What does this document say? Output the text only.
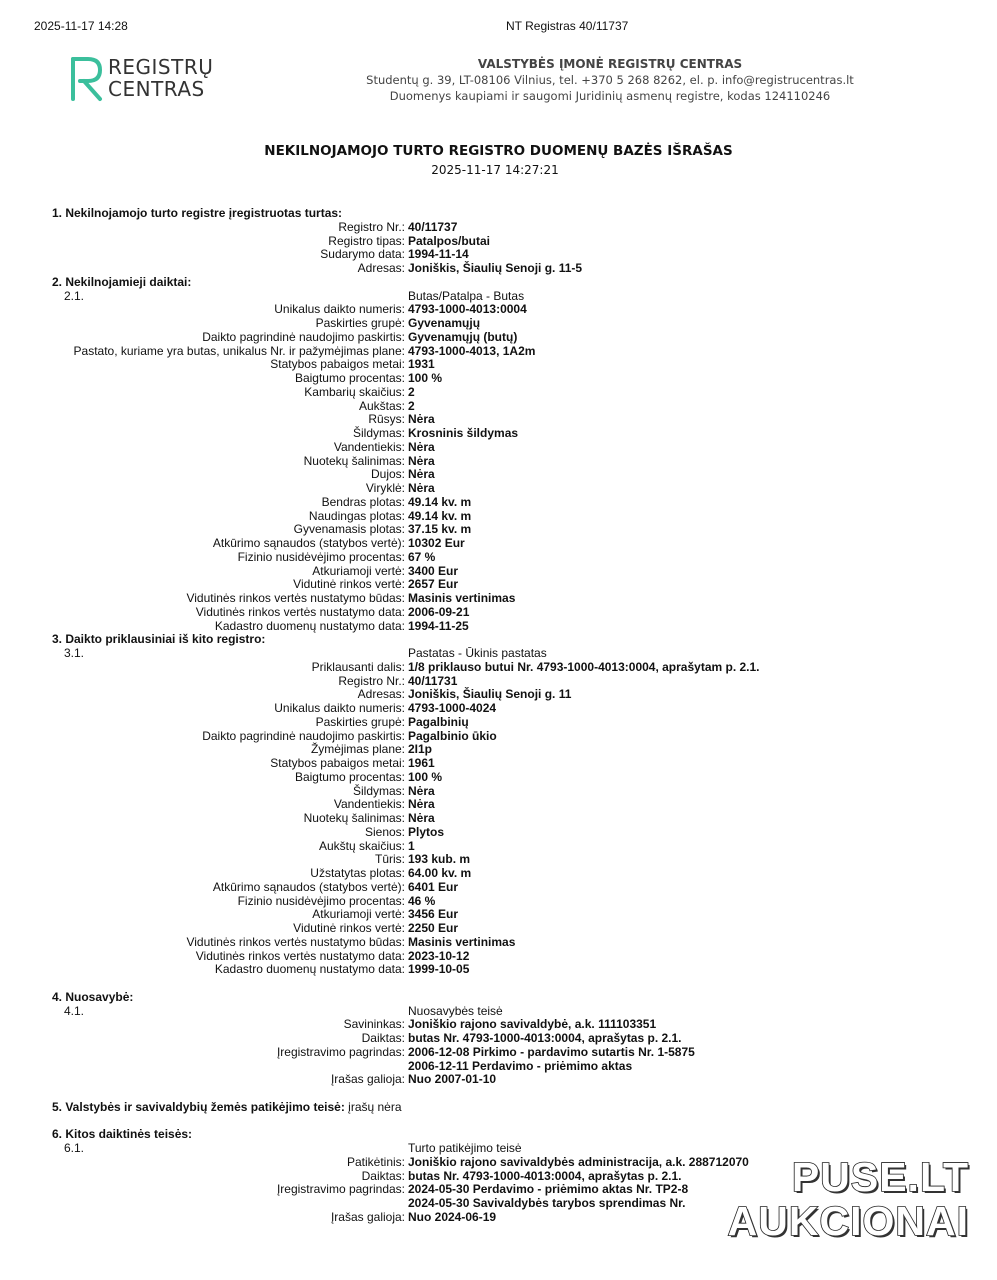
2025-11-17 14:28	NT Registras 40/11737
REGISTRŲ
CENTRAS
VALSTYBĖS ĮMONĖ REGISTRŲ CENTRAS
Studentų g. 39, LT-08106 Vilnius, tel. +370 5 268 8262, el. p. info@registrucentras.lt
Duomenys kaupiami ir saugomi Juridinių asmenų registre, kodas 124110246
NEKILNOJAMOJO TURTO REGISTRO DUOMENŲ BAZĖS IŠRAŠAS
2025-11-17 14:27:21
1. Nekilnojamojo turto registre įregistruotas turtas:
Registro Nr.: 40/11737
Registro tipas: Patalpos/butai
Sudarymo data: 1994-11-14
Adresas: Joniškis, Šiaulių Senoji g. 11-5
2. Nekilnojamieji daiktai:
2.1.	Butas/Patalpa - Butas
Unikalus daikto numeris: 4793-1000-4013:0004
Paskirties grupė: Gyvenamųjų
Daikto pagrindinė naudojimo paskirtis: Gyvenamųjų (butų)
Pastato, kuriame yra butas, unikalus Nr. ir pažymėjimas plane: 4793-1000-4013, 1A2m
Statybos pabaigos metai: 1931
Baigtumo procentas: 100 %
Kambarių skaičius: 2
Aukštas: 2
Rūsys: Nėra
Šildymas: Krosninis šildymas
Vandentiekis: Nėra
Nuotekų šalinimas: Nėra
Dujos: Nėra
Viryklė: Nėra
Bendras plotas: 49.14 kv. m
Naudingas plotas: 49.14 kv. m
Gyvenamasis plotas: 37.15 kv. m
Atkūrimo sąnaudos (statybos vertė): 10302 Eur
Fizinio nusidėvėjimo procentas: 67 %
Atkuriamoji vertė: 3400 Eur
Vidutinė rinkos vertė: 2657 Eur
Vidutinės rinkos vertės nustatymo būdas: Masinis vertinimas
Vidutinės rinkos vertės nustatymo data: 2006-09-21
Kadastro duomenų nustatymo data: 1994-11-25
3. Daikto priklausiniai iš kito registro:
3.1.	Pastatas - Ūkinis pastatas
Priklausanti dalis: 1/8 priklauso butui Nr. 4793-1000-4013:0004, aprašytam p. 2.1.
Registro Nr.: 40/11731
Adresas: Joniškis, Šiaulių Senoji g. 11
Unikalus daikto numeris: 4793-1000-4024
Paskirties grupė: Pagalbinių
Daikto pagrindinė naudojimo paskirtis: Pagalbinio ūkio
Žymėjimas plane: 2I1p
Statybos pabaigos metai: 1961
Baigtumo procentas: 100 %
Šildymas: Nėra
Vandentiekis: Nėra
Nuotekų šalinimas: Nėra
Sienos: Plytos
Aukštų skaičius: 1
Tūris: 193 kub. m
Užstatytas plotas: 64.00 kv. m
Atkūrimo sąnaudos (statybos vertė): 6401 Eur
Fizinio nusidėvėjimo procentas: 46 %
Atkuriamoji vertė: 3456 Eur
Vidutinė rinkos vertė: 2250 Eur
Vidutinės rinkos vertės nustatymo būdas: Masinis vertinimas
Vidutinės rinkos vertės nustatymo data: 2023-10-12
Kadastro duomenų nustatymo data: 1999-10-05
4. Nuosavybė:
4.1.	Nuosavybės teisė
Savininkas: Joniškio rajono savivaldybė, a.k. 111103351
Daiktas: butas Nr. 4793-1000-4013:0004, aprašytas p. 2.1.
Įregistravimo pagrindas: 2006-12-08 Pirkimo - pardavimo sutartis Nr. 1-5875
2006-12-11 Perdavimo - priėmimo aktas
Įrašas galioja: Nuo 2007-01-10
5. Valstybės ir savivaldybių žemės patikėjimo teisė: įrašų nėra
6. Kitos daiktinės teisės:
6.1.	Turto patikėjimo teisė
Patikėtinis: Joniškio rajono savivaldybės administracija, a.k. 288712070
Daiktas: butas Nr. 4793-1000-4013:0004, aprašytas p. 2.1.
Įregistravimo pagrindas: 2024-05-30 Perdavimo - priėmimo aktas Nr. TP2-8
2024-05-30 Savivaldybės tarybos sprendimas Nr.
Įrašas galioja: Nuo 2024-06-19
PUSE.LT
AUKCIONAI
